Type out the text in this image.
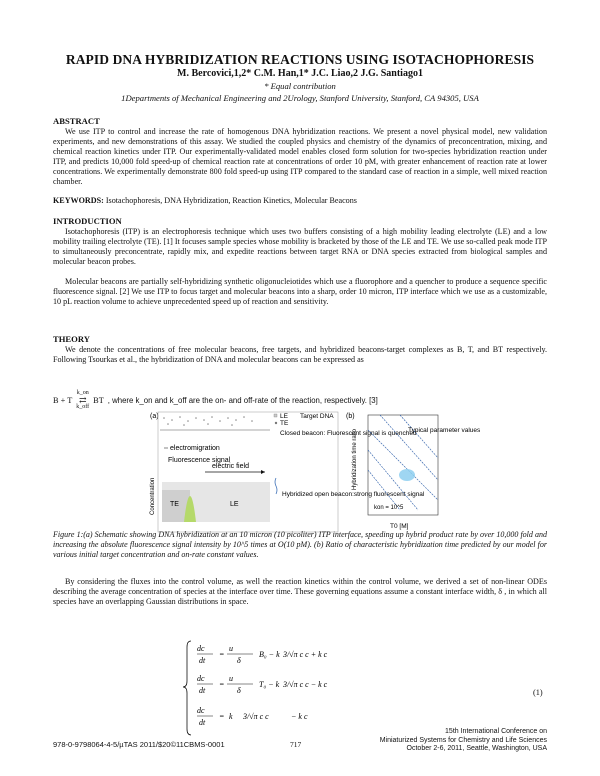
RAPID DNA HYBRIDIZATION REACTIONS USING ISOTACHOPHORESIS
M. Bercovici,1,2* C.M. Han,1* J.C. Liao,2 J.G. Santiago1
* Equal contribution
1Departments of Mechanical Engineering and 2Urology, Stanford University, Stanford, CA 94305, USA
ABSTRACT
We use ITP to control and increase the rate of homogenous DNA hybridization reactions. We present a novel physical model, new validation experiments, and new demonstrations of this assay. We studied the coupled physics and chemistry of the dynamics of preconcentration, mixing, and chemical reaction kinetics under ITP. Our experimentally-validated model enables closed form solution for two-species hybridization reaction under ITP, and predicts 10,000 fold speed-up of chemical reaction rate at concentrations of order 10 pM, with greater enhancement of reaction rate at lower concentrations. We experimentally demonstrate 800 fold speed-up using ITP compared to the standard case of reaction in a simple, well mixed reaction chamber.
KEYWORDS: Isotachophoresis, DNA Hybridization, Reaction Kinetics, Molecular Beacons
INTRODUCTION
Isotachophoresis (ITP) is an electrophoresis technique which uses two buffers consisting of a high mobility leading electrolyte (LE) and a low mobility trailing electrolyte (TE). [1] It focuses sample species whose mobility is bracketed by those of the LE and TE. We use so-called peak mode ITP to simultaneously preconcentrate, rapidly mix, and expedite reactions between target RNA or DNA species extracted from biological samples and molecular beacon probes.
Molecular beacons are partially self-hybridizing synthetic oligonucleiotides which use a fluorophore and a quencher to produce a sequence specific fluorescence signal. [2] We use ITP to focus target and molecular beacons into a sharp, order 10 micron, ITP interface which we use as a customizable, 10 pL reaction volume to achieve unprecedented speed up of reaction and sensitivity.
THEORY
We denote the concentrations of free molecular beacons, free targets, and hybridized beacons-target complexes as B, T, and BT respectively. Following Tsourkas et al., the hybridization of DNA and molecular beacons can be expressed as
B + T
k_on
⇄
k_off
BT , where k_on and k_off are the on- and off-rate of the reaction, respectively. [3]
(a)	LE Target DNA
TE
Closed beacon: Fluorescent signal is quenched
electromigration
Fluorescence signal
electric field
Concentration TE	LE
Hybridized open beacon:strong fluorescent signal
(b)
Hybridization time ratio	Typical parameter values
kon = 10^5
T0 [M]
Figure 1:(a) Schematic showing DNA hybridization at an 10 micron (10 picoliter) ITP interface, speeding up hybrid product rate by over 10,000 fold and increasing the absolute fluorescence signal intensity by 10^5 times at O(10 pM). (b) Ratio of characteristic hybridization time predicted by our model for various initial target concentration and on-rate constant values.
By considering the fluxes into the control volume, as well the reaction kinetics within the control volume, we derived a set of non-linear ODEs describing the average concentration of species at the interface over time. These governing equations assume a constant interface width, δ , in which all species have an overlapping Gaussian distributions in space.
dc
dt
=
u
δ
B₀ − k 3/√π c c + k c
dc
dt
=
u
δ
T₀ − k 3/√π c c − k c
dc
dt
= k 3/√π c c	− k c
(1)
978-0-9798064-4-5/µTAS 2011/$20©11CBMS-0001	717
15th International Conference on
Miniaturized Systems for Chemistry and Life Sciences
October 2-6, 2011, Seattle, Washington, USA
